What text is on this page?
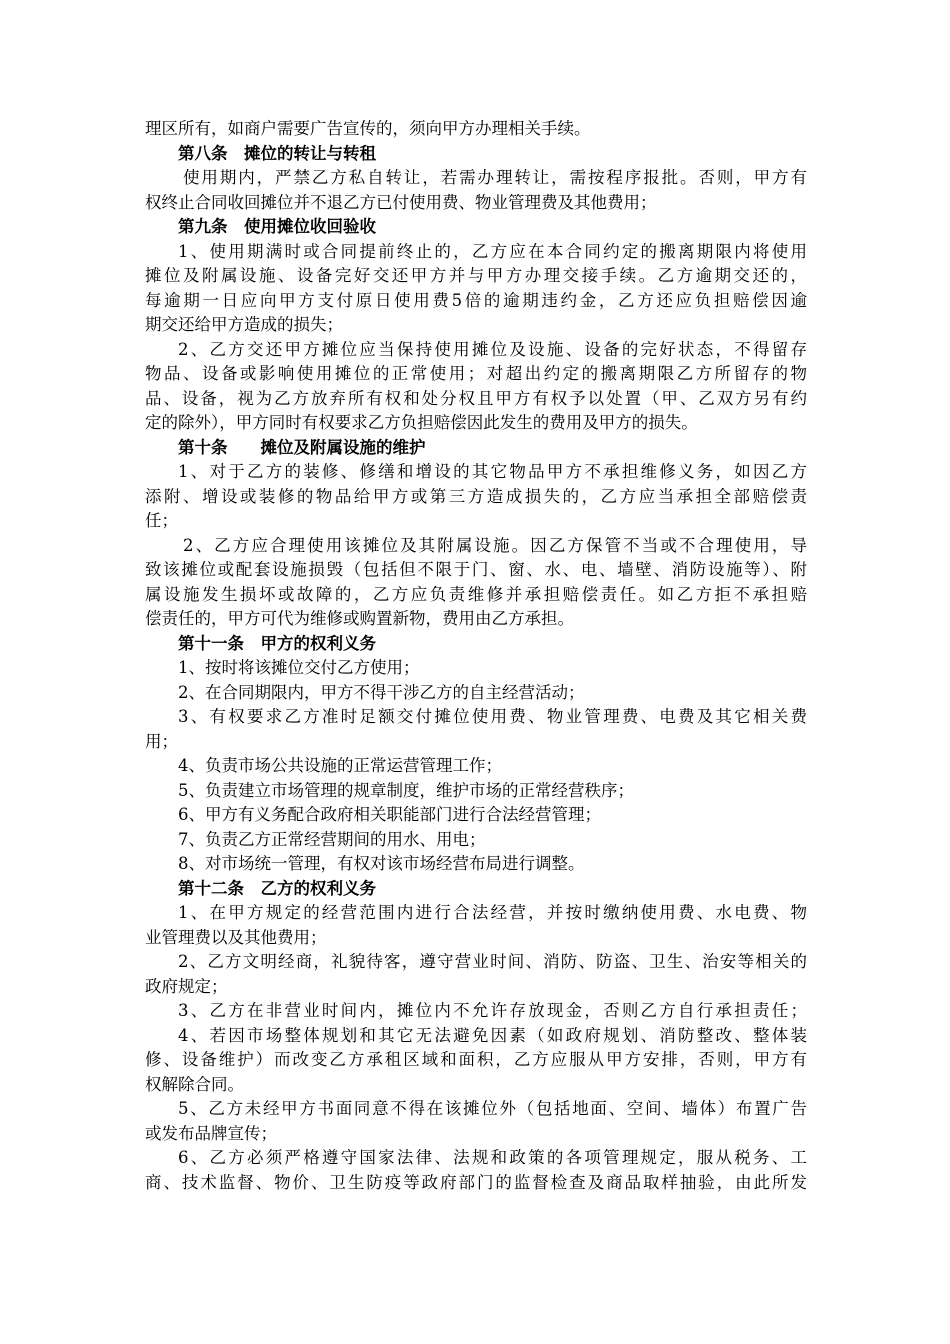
理区所有，如商户需要广告宣传的，须向甲方办理相关手续。
第八条　摊位的转让与转租
使用期内，严禁乙方私自转让，若需办理转让，需按程序报批。否则，甲方有
权终止合同收回摊位并不退乙方已付使用费、物业管理费及其他费用；
第九条　使用摊位收回验收
1、使用期满时或合同提前终止的，乙方应在本合同约定的搬离期限内将使用
摊位及附属设施、设备完好交还甲方并与甲方办理交接手续。乙方逾期交还的，
每逾期一日应向甲方支付原日使用费5倍的逾期违约金，乙方还应负担赔偿因逾
期交还给甲方造成的损失；
2、乙方交还甲方摊位应当保持使用摊位及设施、设备的完好状态，不得留存
物品、设备或影响使用摊位的正常使用；对超出约定的搬离期限乙方所留存的物
品、设备，视为乙方放弃所有权和处分权且甲方有权予以处置（甲、乙双方另有约
定的除外），甲方同时有权要求乙方负担赔偿因此发生的费用及甲方的损失。
第十条　　摊位及附属设施的维护
1、对于乙方的装修、修缮和增设的其它物品甲方不承担维修义务，如因乙方
添附、增设或装修的物品给甲方或第三方造成损失的，乙方应当承担全部赔偿责
任；
2、乙方应合理使用该摊位及其附属设施。因乙方保管不当或不合理使用，导
致该摊位或配套设施损毁（包括但不限于门、窗、水、电、墙壁、消防设施等）、附
属设施发生损坏或故障的，乙方应负责维修并承担赔偿责任。如乙方拒不承担赔
偿责任的，甲方可代为维修或购置新物，费用由乙方承担。
第十一条　甲方的权利义务
1、按时将该摊位交付乙方使用；
2、在合同期限内，甲方不得干涉乙方的自主经营活动；
3、有权要求乙方准时足额交付摊位使用费、物业管理费、电费及其它相关费
用；
4、负责市场公共设施的正常运营管理工作；
5、负责建立市场管理的规章制度，维护市场的正常经营秩序；
6、甲方有义务配合政府相关职能部门进行合法经营管理；
7、负责乙方正常经营期间的用水、用电；
8、对市场统一管理，有权对该市场经营布局进行调整。
第十二条　乙方的权利义务
1、在甲方规定的经营范围内进行合法经营，并按时缴纳使用费、水电费、物
业管理费以及其他费用；
2、乙方文明经商，礼貌待客，遵守营业时间、消防、防盗、卫生、治安等相关的
政府规定；
3、乙方在非营业时间内，摊位内不允许存放现金，否则乙方自行承担责任；
4、若因市场整体规划和其它无法避免因素（如政府规划、消防整改、整体装
修、设备维护）而改变乙方承租区域和面积，乙方应服从甲方安排，否则，甲方有
权解除合同。
5、乙方未经甲方书面同意不得在该摊位外（包括地面、空间、墙体）布置广告
或发布品牌宣传；
6、乙方必须严格遵守国家法律、法规和政策的各项管理规定，服从税务、工
商、技术监督、物价、卫生防疫等政府部门的监督检查及商品取样抽验，由此所发
